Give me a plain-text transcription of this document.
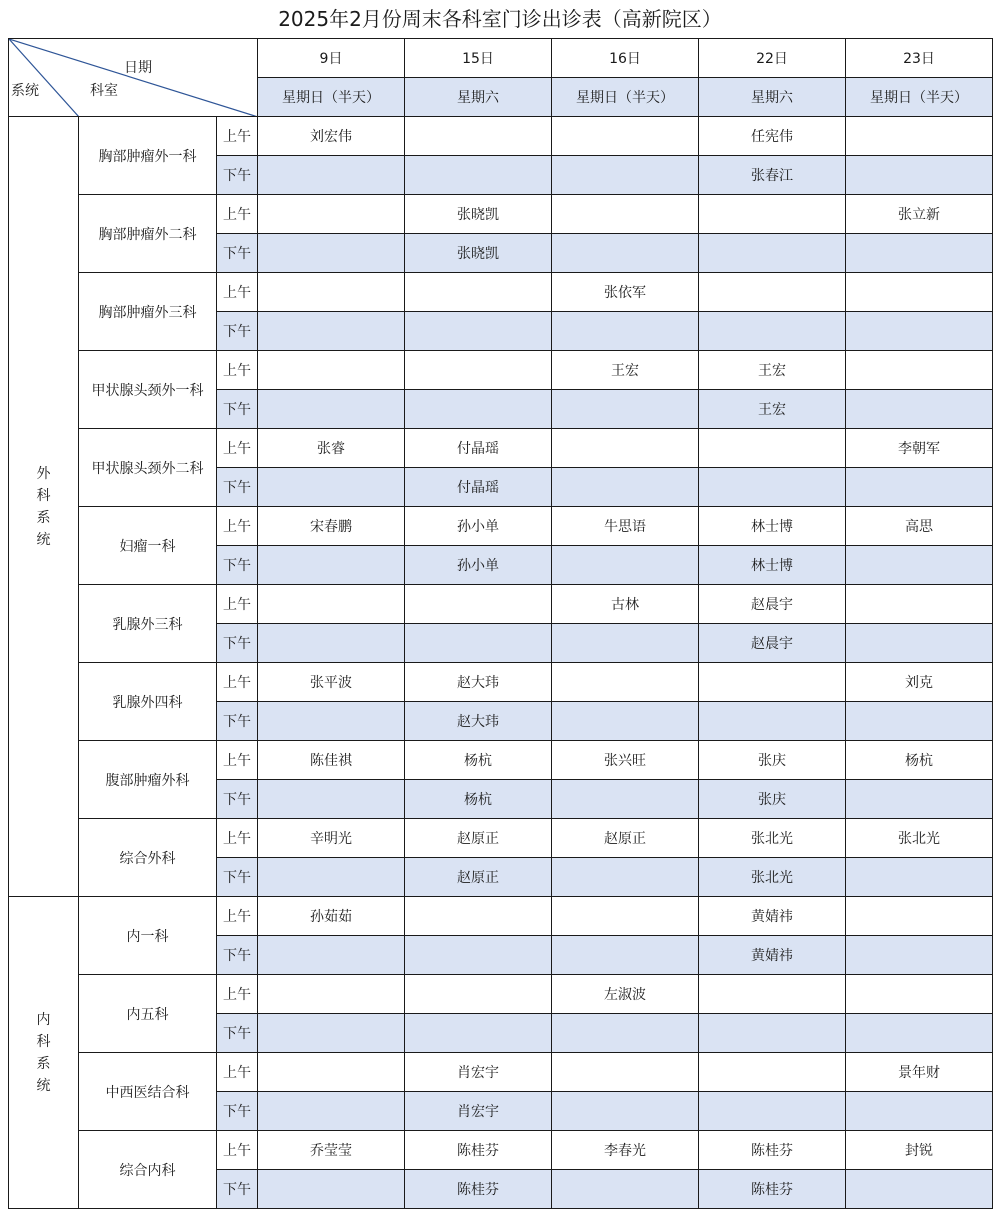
2025年2月份周末各科室门诊出诊表（高新院区）
日期
科室
系统			9日	15日	16日	22日	23日
			星期日（半天）	星期六	星期日（半天）	星期六	星期日（半天）

外
科
系
统	胸部肿瘤外一科	上午	刘宏伟			任宪伟	
		下午				张春江	
	胸部肿瘤外二科	上午		张晓凯			张立新
		下午		张晓凯			
	胸部肿瘤外三科	上午			张依军		
		下午					
	甲状腺头颈外一科	上午			王宏	王宏	
		下午				王宏	
	甲状腺头颈外二科	上午	张睿	付晶瑶			李朝军
		下午		付晶瑶			
	妇瘤一科	上午	宋春鹏	孙小单	牛思语	林士博	高思
		下午		孙小单		林士博	
	乳腺外三科	上午			古林	赵晨宇	
		下午				赵晨宇	
	乳腺外四科	上午	张平波	赵大玮			刘克
		下午		赵大玮			
	腹部肿瘤外科	上午	陈佳祺	杨杭	张兴旺	张庆	杨杭
		下午		杨杭		张庆	
	综合外科	上午	辛明光	赵原正	赵原正	张北光	张北光
		下午		赵原正		张北光	

内
科
系
统	内一科	上午	孙茹茹			黄婧祎	
		下午				黄婧祎	
	内五科	上午			左淑波		
		下午					
	中西医结合科	上午		肖宏宇			景年财
		下午		肖宏宇			
	综合内科	上午	乔莹莹	陈桂芬	李春光	陈桂芬	封锐
		下午		陈桂芬		陈桂芬	
